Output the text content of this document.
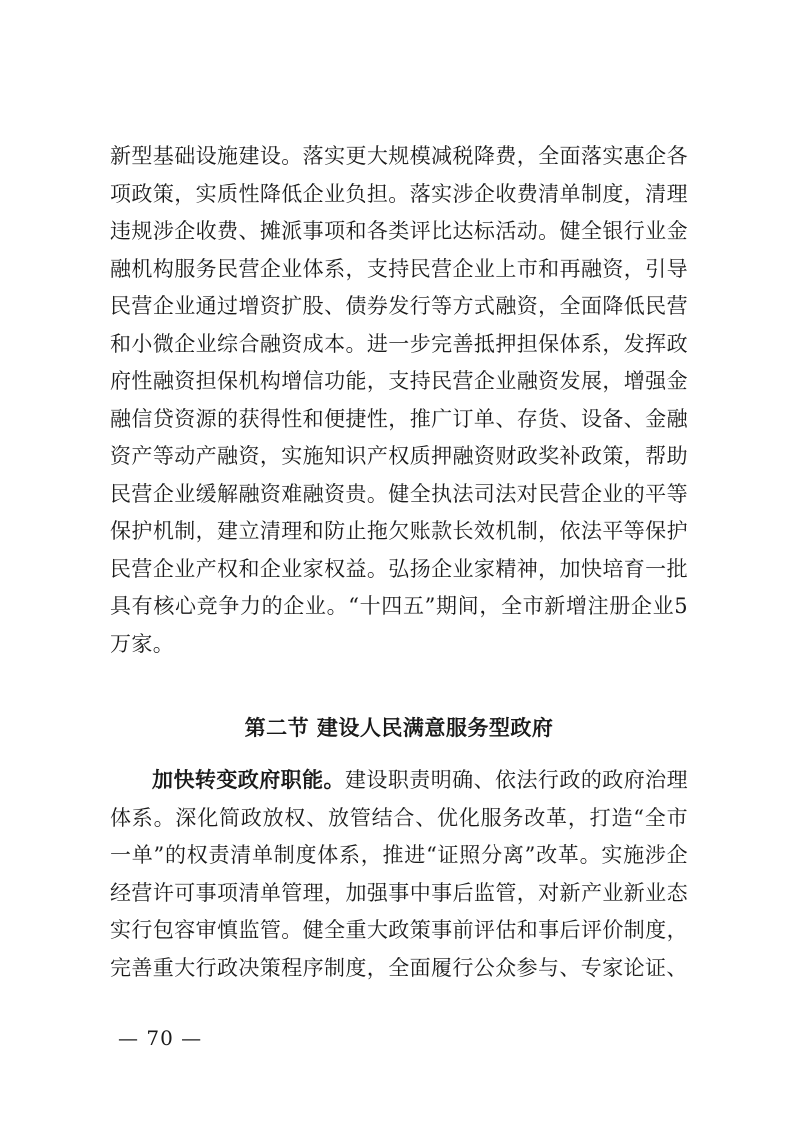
新型基础设施建设。落实更大规模减税降费，全面落实惠企各项政策，实质性降低企业负担。落实涉企收费清单制度，清理违规涉企收费、摊派事项和各类评比达标活动。健全银行业金融机构服务民营企业体系，支持民营企业上市和再融资，引导民营企业通过增资扩股、债券发行等方式融资，全面降低民营和小微企业综合融资成本。进一步完善抵押担保体系，发挥政府性融资担保机构增信功能，支持民营企业融资发展，增强金融信贷资源的获得性和便捷性，推广订单、存货、设备、金融资产等动产融资，实施知识产权质押融资财政奖补政策，帮助民营企业缓解融资难融资贵。健全执法司法对民营企业的平等保护机制，建立清理和防止拖欠账款长效机制，依法平等保护民营企业产权和企业家权益。弘扬企业家精神，加快培育一批具有核心竞争力的企业。“十四五”期间，全市新增注册企业5万家。

第二节 建设人民满意服务型政府

加快转变政府职能。建设职责明确、依法行政的政府治理体系。深化简政放权、放管结合、优化服务改革，打造“全市一单”的权责清单制度体系，推进“证照分离”改革。实施涉企经营许可事项清单管理，加强事中事后监管，对新产业新业态实行包容审慎监管。健全重大政策事前评估和事后评价制度，完善重大行政决策程序制度，全面履行公众参与、专家论证、

— 70 —
